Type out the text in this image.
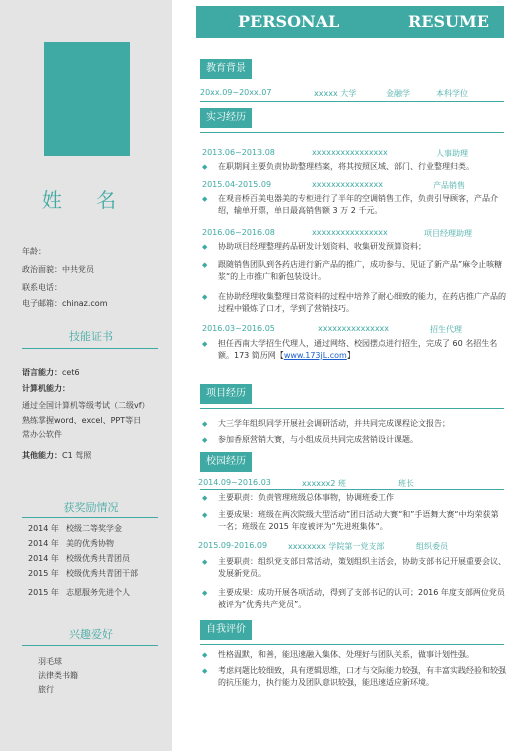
姓 名
年龄：
政治面貌：中共党员
联系电话：
电子邮箱：chinaz.com
技能证书
语言能力：cet6
计算机能力：
通过全国计算机等级考试（二级vf）
熟练掌握word、excel、PPT等日
常办公软件
其他能力：C1 驾照
获奖励情况
2014 年 校级二等奖学金
2014 年 美的优秀协物
2014 年 校级优秀共青团员
2015 年 校级优秀共青团干部
2015 年 志愿服务先进个人
兴趣爱好
羽毛球
法律类书籍
旅行
PERSONAL	RESUME
教育背景
20xx.09~20xx.07	xxxxx 大学	金融学	本科学位
实习经历
2013.06~2013.08	xxxxxxxxxxxxxxxx	人事助理
◆ 在职期间主要负责协助整理档案，将其按照区域、部门、行业整理归类。
2015.04-2015.09	xxxxxxxxxxxxxxx	产品销售
◆ 在观音桥百美电器美的专柜进行了半年的空调销售工作，负责引导顾客，产品介绍，输单开票，单日最高销售额 3 万 2 千元。
2016.06~2016.08	xxxxxxxxxxxxxxxx	项目经理助理
◆ 协助项目经理整理药品研发计划资料、收集研发预算资料；
◆ 跟随销售团队到各药店进行新产品的推广，成功参与、见证了新产品”麻令止咳糖浆“的上市推广和新包装设计。
◆ 在协助经理收集整理日常资料的过程中培养了耐心细致的能力，在药店推广产品的过程中锻炼了口才，学到了营销技巧。
2016.03~2016.05	xxxxxxxxxxxxxxx	招生代理
◆ 担任西南大学招生代理人，通过网络、校园摆点进行招生，完成了 60 名招生名额。173 简历网【www.173jL.com】
项目经历
◆ 大三学年组织同学开展社会调研活动，并共同完成课程论文报告；
◆ 参加香原营销大赛，与小组成员共同完成营销设计课题。
校园经历
2014.09~2016.03	xxxxxx2 班	班长
◆ 主要职责：负责管理班级总体事物，协调班委工作
◆ 主要成果：班级在两次院级大型活动”团日活动大赛“和”手语舞大赛“中均荣获第一名；班级在 2015 年度被评为”先进班集体“。
2015.09-2016.09	xxxxxxxx 学院第一党支部	组织委员
◆ 主要职责：组织党支部日常活动，策划组织主活会，协助支部书记开展重要会议、发展新党员。
◆ 主要成果：成功开展各项活动，得到了支部书记的认可；2016 年度支部两位党员被评为“优秀共产党员”。
自我评价
◆ 性格温默，和善，能迅速融入集体、处理好与团队关系，做事计划性强。
◆ 考虑问题比较细致，具有逻辑思维，口才与交际能力较强，有丰富实践经验和较强的抗压能力，执行能力及团队意识较强，能迅速适应新环境。
